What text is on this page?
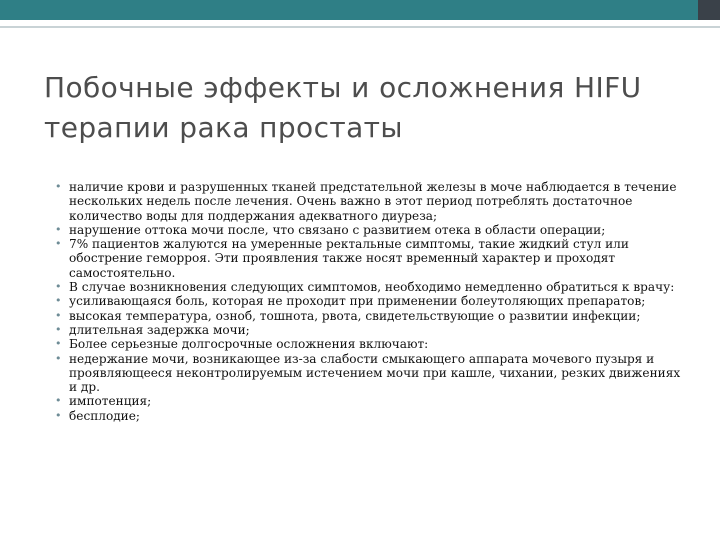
Побочные эффекты и осложнения HIFU терапии рака простаты
• наличие крови и разрушенных тканей предстательной железы в моче наблюдается в течение нескольких недель после лечения. Очень важно в этот период потреблять достаточное количество воды для поддержания адекватного диуреза;
• нарушение оттока мочи после, что связано с развитием отека в области операции;
• 7% пациентов жалуются на умеренные ректальные симптомы, такие жидкий стул или обострение геморроя. Эти проявления также носят временный характер и проходят самостоятельно.
• В случае возникновения следующих симптомов, необходимо немедленно обратиться к врачу:
• усиливающаяся боль, которая не проходит при применении болеутоляющих препаратов;
• высокая температура, озноб, тошнота, рвота, свидетельствующие о развитии инфекции;
• длительная задержка мочи;
• Более серьезные долгосрочные осложнения включают:
• недержание мочи, возникающее из-за слабости смыкающего аппарата мочевого пузыря и проявляющееся неконтролируемым истечением мочи при кашле, чихании, резких движениях и др.
• импотенция;
• бесплодие;
